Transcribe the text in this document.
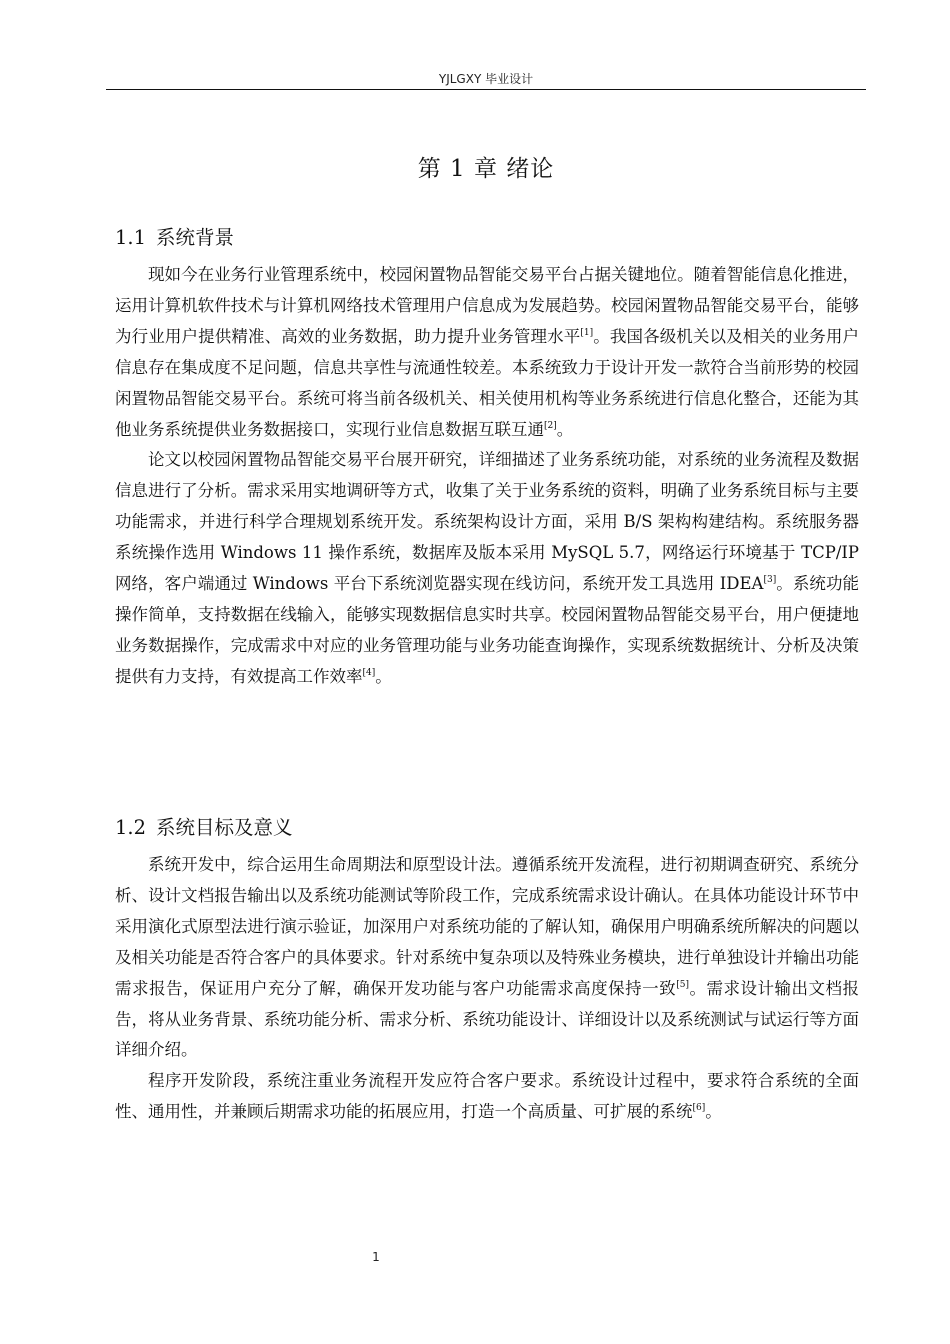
YJLGXY 毕业设计
第 1 章 绪论
1.1 系统背景

现如今在业务行业管理系统中，校园闲置物品智能交易平台占据关键地位。随着智能信息化推进，运用计算机软件技术与计算机网络技术管理用户信息成为发展趋势。校园闲置物品智能交易平台，能够为行业用户提供精准、高效的业务数据，助力提升业务管理水平[1]。我国各级机关以及相关的业务用户信息存在集成度不足问题，信息共享性与流通性较差。本系统致力于设计开发一款符合当前形势的校园闲置物品智能交易平台。系统可将当前各级机关、相关使用机构等业务系统进行信息化整合，还能为其他业务系统提供业务数据接口，实现行业信息数据互联互通[2]。

论文以校园闲置物品智能交易平台展开研究，详细描述了业务系统功能，对系统的业务流程及数据信息进行了分析。需求采用实地调研等方式，收集了关于业务系统的资料，明确了业务系统目标与主要功能需求，并进行科学合理规划系统开发。系统架构设计方面，采用 B/S 架构构建结构。系统服务器系统操作选用 Windows 11 操作系统，数据库及版本采用 MySQL 5.7，网络运行环境基于 TCP/IP 网络，客户端通过 Windows 平台下系统浏览器实现在线访问，系统开发工具选用 IDEA[3]。系统功能操作简单，支持数据在线输入，能够实现数据信息实时共享。校园闲置物品智能交易平台，用户便捷地业务数据操作，完成需求中对应的业务管理功能与业务功能查询操作，实现系统数据统计、分析及决策提供有力支持，有效提高工作效率[4]。

1.2 系统目标及意义

系统开发中，综合运用生命周期法和原型设计法。遵循系统开发流程，进行初期调查研究、系统分析、设计文档报告输出以及系统功能测试等阶段工作，完成系统需求设计确认。在具体功能设计环节中采用演化式原型法进行演示验证，加深用户对系统功能的了解认知，确保用户明确系统所解决的问题以及相关功能是否符合客户的具体要求。针对系统中复杂项以及特殊业务模块，进行单独设计并输出功能需求报告，保证用户充分了解，确保开发功能与客户功能需求高度保持一致[5]。需求设计输出文档报告，将从业务背景、系统功能分析、需求分析、系统功能设计、详细设计以及系统测试与试运行等方面详细介绍。

程序开发阶段，系统注重业务流程开发应符合客户要求。系统设计过程中，要求符合系统的全面性、通用性，并兼顾后期需求功能的拓展应用，打造一个高质量、可扩展的系统[6]。

1
